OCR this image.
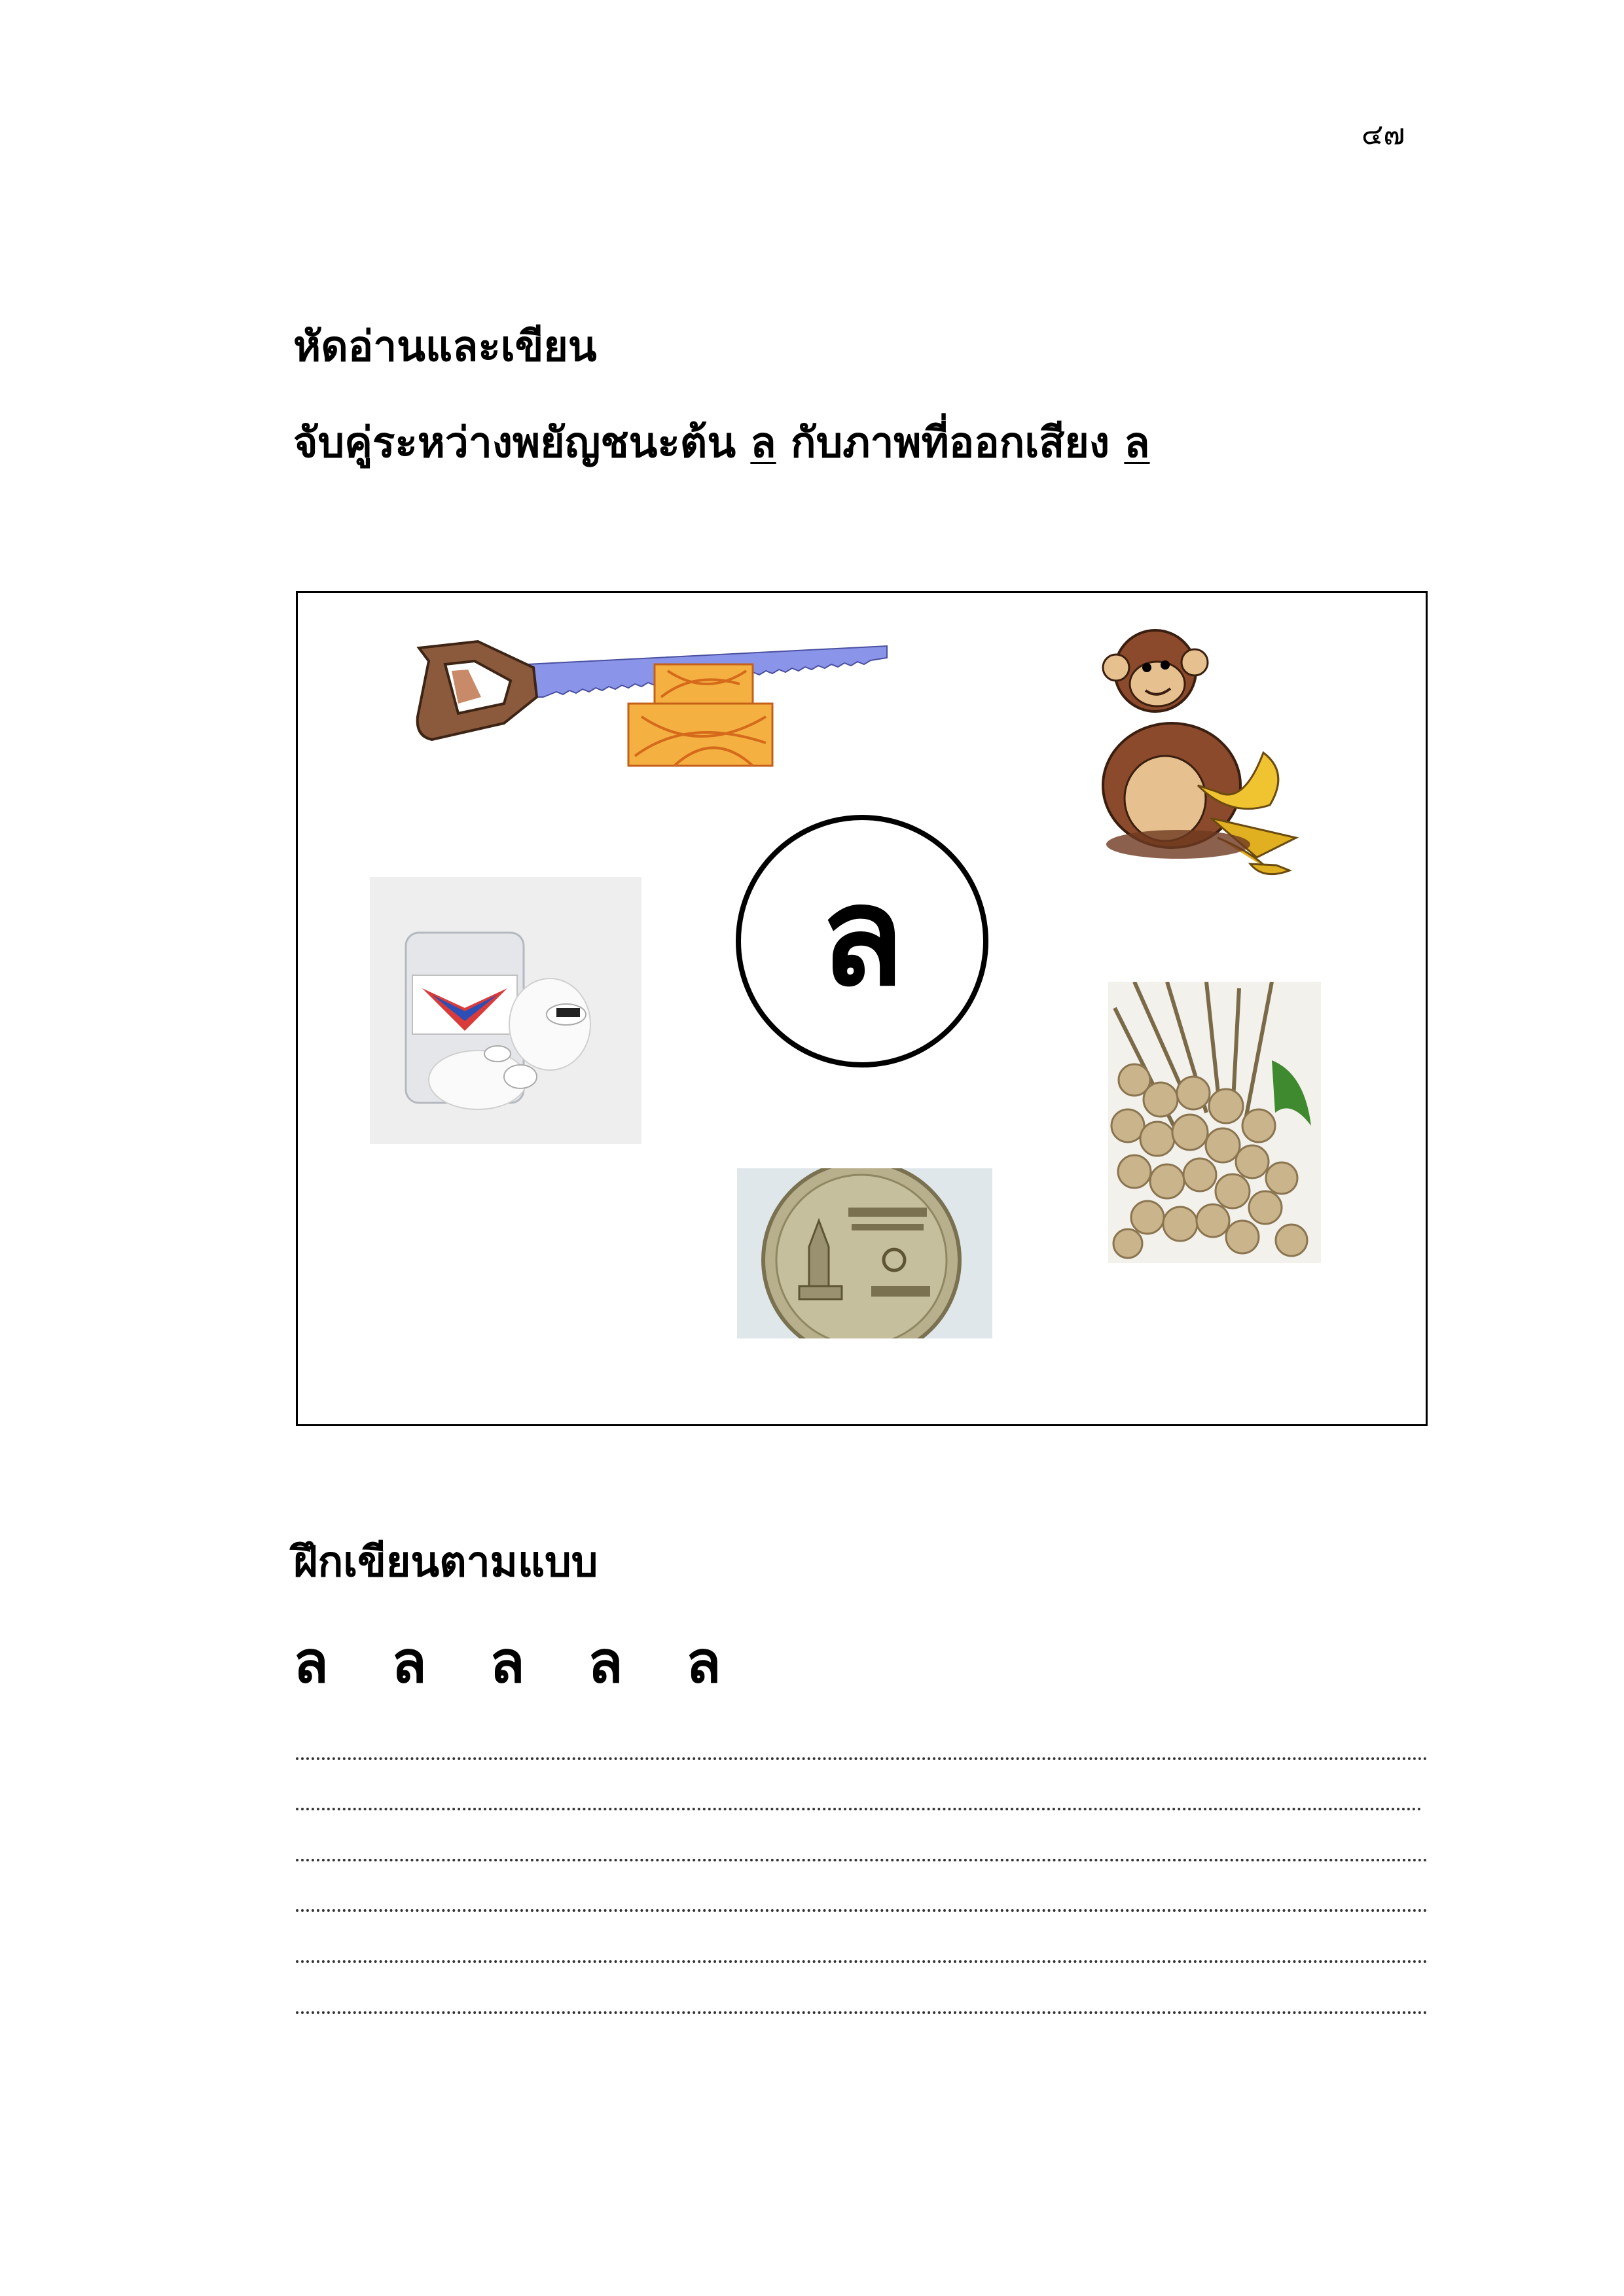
๔๗
หัดอ่านและเขียน
จับคู่ระหว่างพยัญชนะต้น ล กับภาพที่ออกเสียง ล
ล
ฝึกเขียนตามแบบ
ล ล ล ล ล
